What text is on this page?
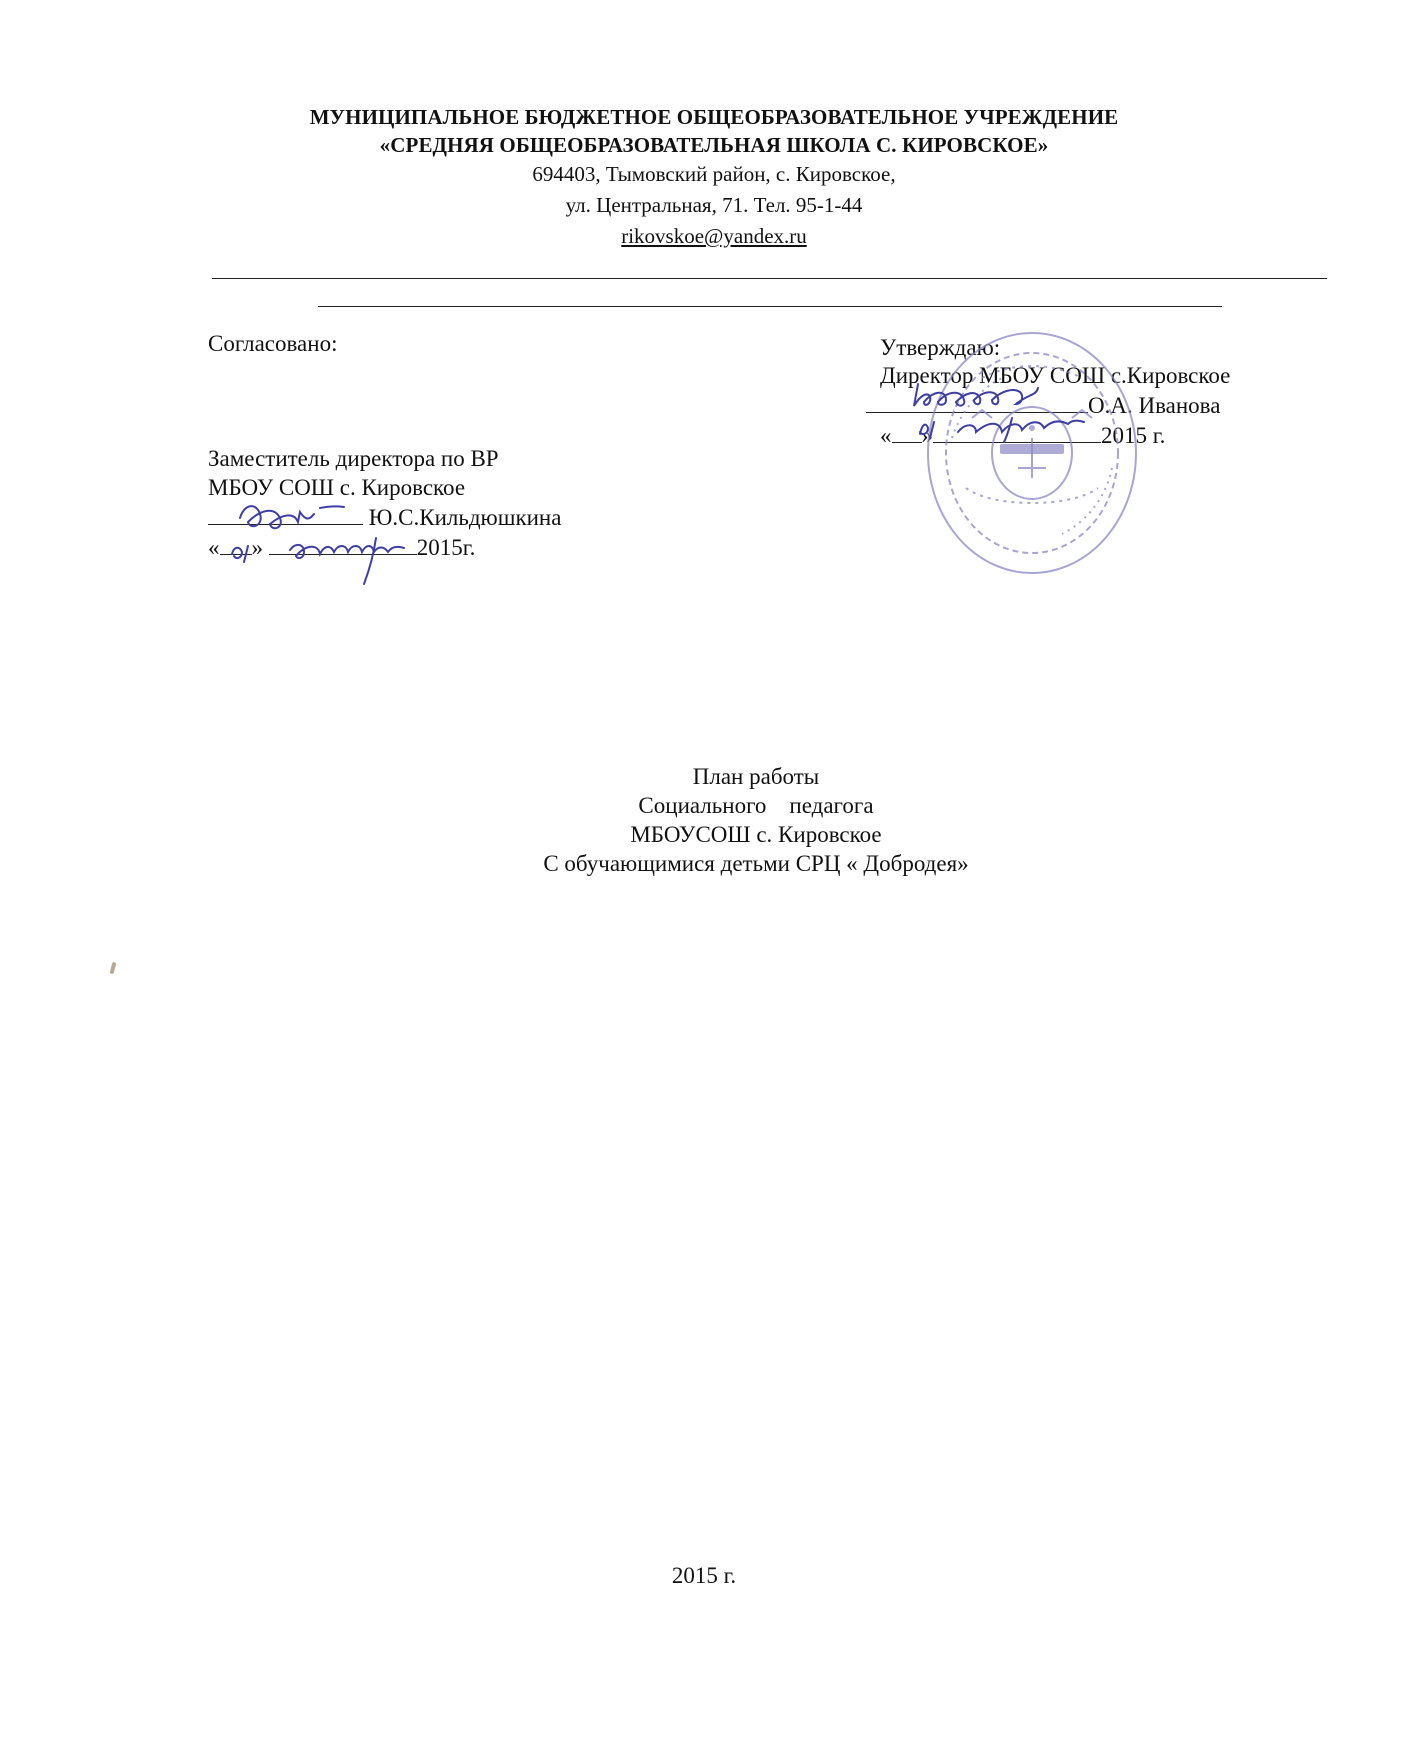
МУНИЦИПАЛЬНОЕ БЮДЖЕТНОЕ ОБЩЕОБРАЗОВАТЕЛЬНОЕ УЧРЕЖДЕНИЕ
«СРЕДНЯЯ ОБЩЕОБРАЗОВАТЕЛЬНАЯ ШКОЛА С. КИРОВСКОЕ»
694403, Тымовский район, с. Кировское,
ул. Центральная, 71. Тел. 95-1-44
rikovskoe@yandex.ru
Согласовано:
Заместитель директора по ВР
МБОУ СОШ с. Кировское
Ю.С.Кильдюшкина
« »	2015г.
Утверждаю:
Директор МБОУ СОШ с.Кировское
О.А. Иванова
« »	2015 г.
План работы
Социального    педагога
МБОУСОШ с. Кировское
С обучающимися детьми СРЦ « Добродея»
2015 г.
